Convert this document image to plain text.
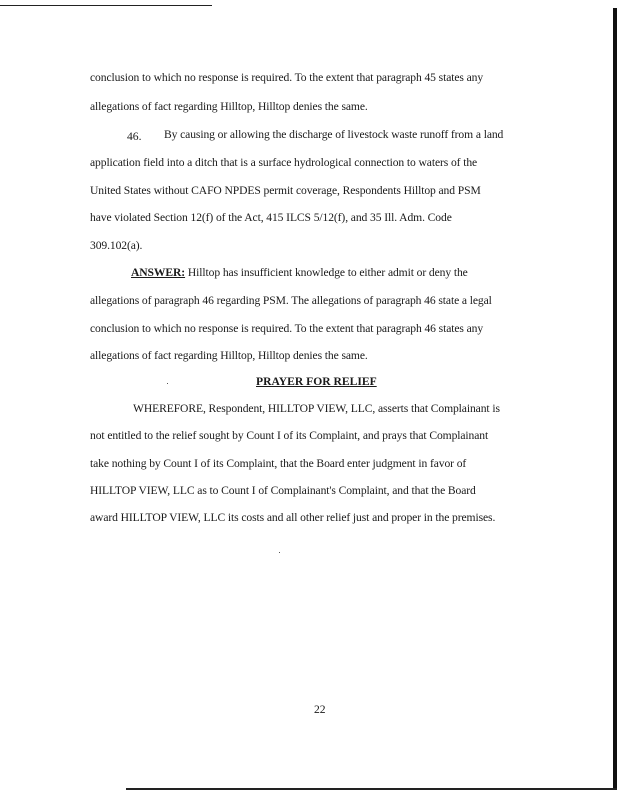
conclusion to which no response is required. To the extent that paragraph 45 states any
allegations of fact regarding Hilltop, Hilltop denies the same.
46. By causing or allowing the discharge of livestock waste runoff from a land
application field into a ditch that is a surface hydrological connection to waters of the
United States without CAFO NPDES permit coverage, Respondents Hilltop and PSM
have violated Section 12(f) of the Act, 415 ILCS 5/12(f), and 35 Ill. Adm. Code
309.102(a).
ANSWER: Hilltop has insufficient knowledge to either admit or deny the
allegations of paragraph 46 regarding PSM. The allegations of paragraph 46 state a legal
conclusion to which no response is required. To the extent that paragraph 46 states any
allegations of fact regarding Hilltop, Hilltop denies the same.
PRAYER FOR RELIEF
WHEREFORE, Respondent, HILLTOP VIEW, LLC, asserts that Complainant is
not entitled to the relief sought by Count I of its Complaint, and prays that Complainant
take nothing by Count I of its Complaint, that the Board enter judgment in favor of
HILLTOP VIEW, LLC as to Count I of Complainant's Complaint, and that the Board
award HILLTOP VIEW, LLC its costs and all other relief just and proper in the premises.
22
